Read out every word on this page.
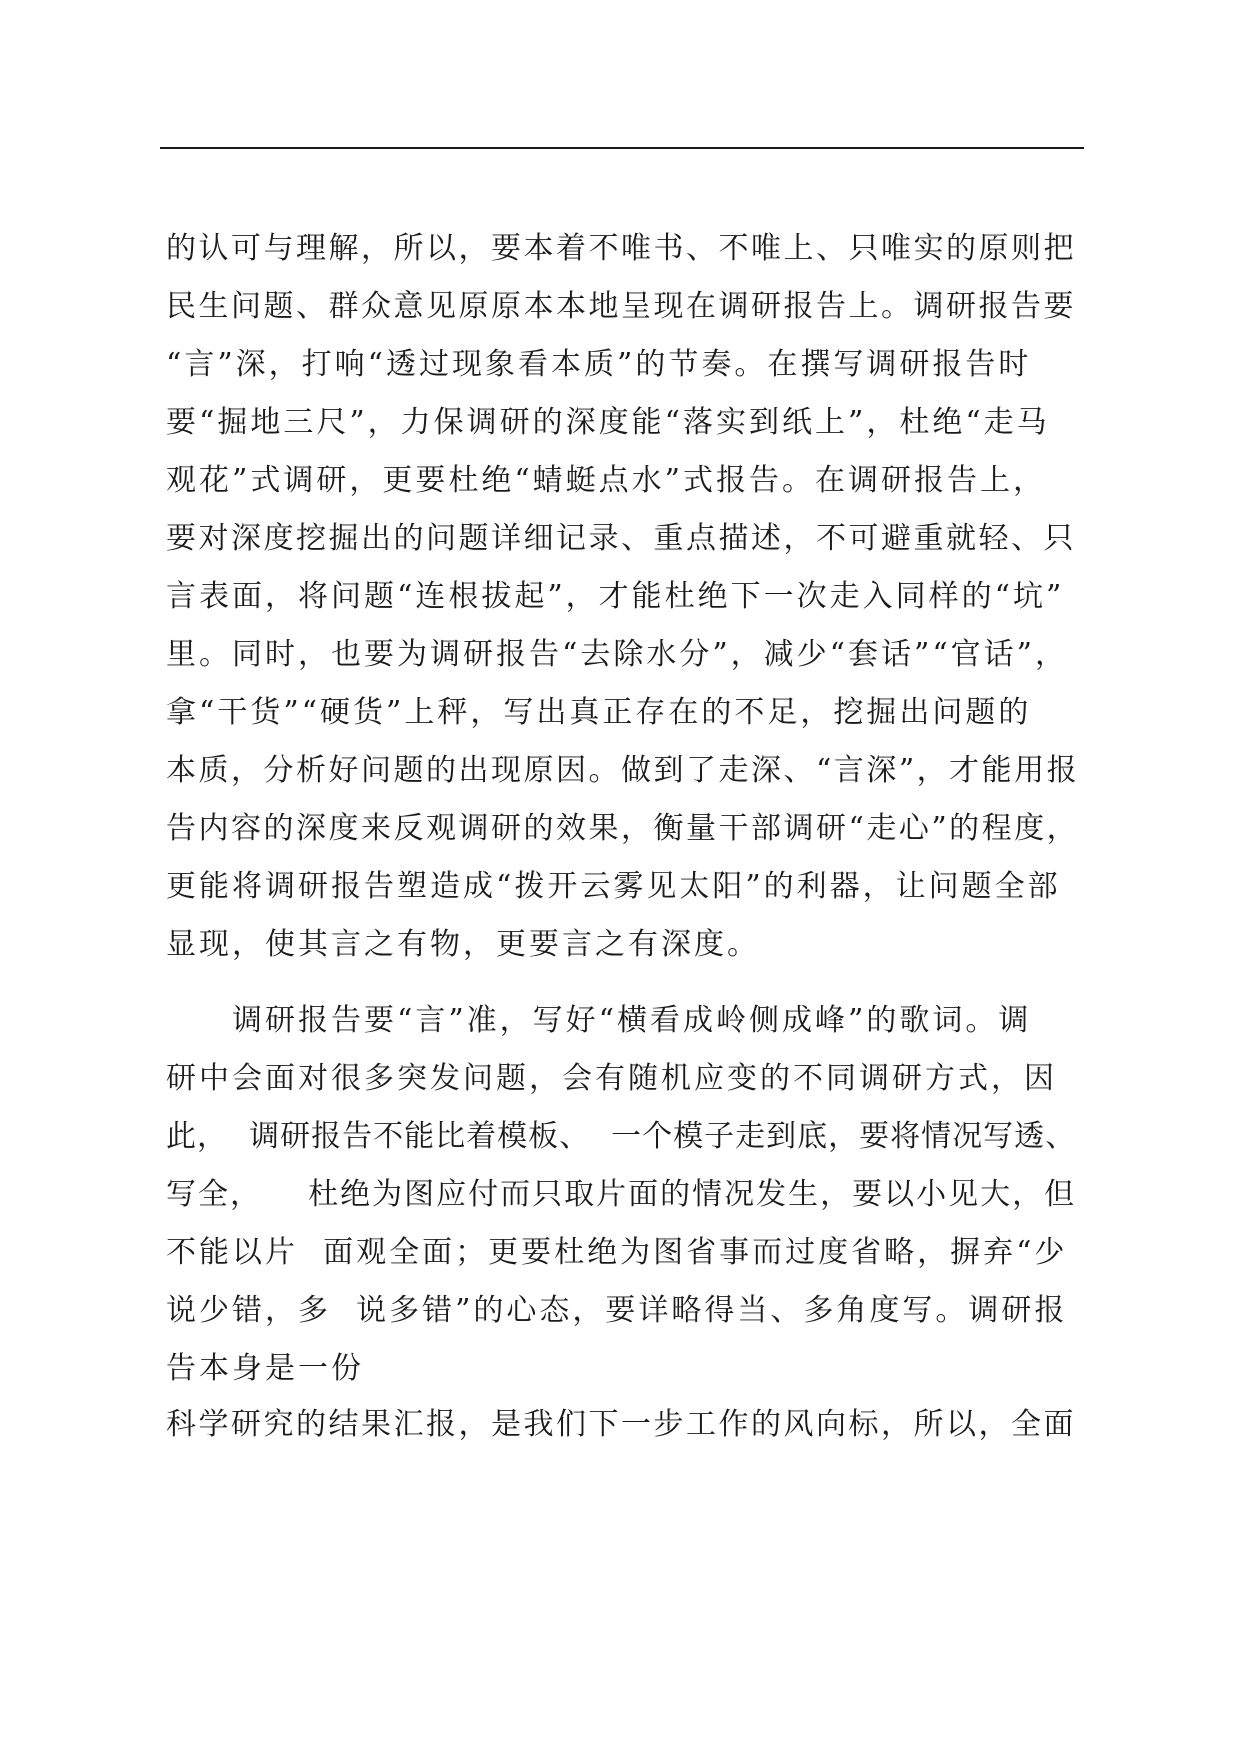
的认可与理解，所以，要本着不唯书、不唯上、只唯实的原则把
民生问题、群众意见原原本本地呈现在调研报告上。调研报告要
“言”深，打响“透过现象看本质”的节奏。在撰写调研报告时
要“掘地三尺”，力保调研的深度能“落实到纸上”，杜绝“走马
观花”式调研，更要杜绝“蜻蜓点水”式报告。在调研报告上，
要对深度挖掘出的问题详细记录、重点描述，不可避重就轻、只
言表面，将问题“连根拔起”，才能杜绝下一次走入同样的“坑”
里。同时，也要为调研报告“去除水分”，减少“套话”“官话”，
拿“干货”“硬货”上秤，写出真正存在的不足，挖掘出问题的
本质，分析好问题的出现原因。做到了走深、“言深”，才能用报
告内容的深度来反观调研的效果，衡量干部调研“走心”的程度，
更能将调研报告塑造成“拨开云雾见太阳”的利器，让问题全部
显现，使其言之有物，更要言之有深度。
调研报告要“言”准，写好“横看成岭侧成峰”的歌词。调
研中会面对很多突发问题，会有随机应变的不同调研方式，因
此，  调研报告不能比着模板、  一个模子走到底，要将情况写透、
写全，    杜绝为图应付而只取片面的情况发生，要以小见大，但
不能以片  面观全面；更要杜绝为图省事而过度省略，摒弃“少
说少错，多  说多错”的心态，要详略得当、多角度写。调研报
告本身是一份
科学研究的结果汇报，是我们下一步工作的风向标，所以，全面
